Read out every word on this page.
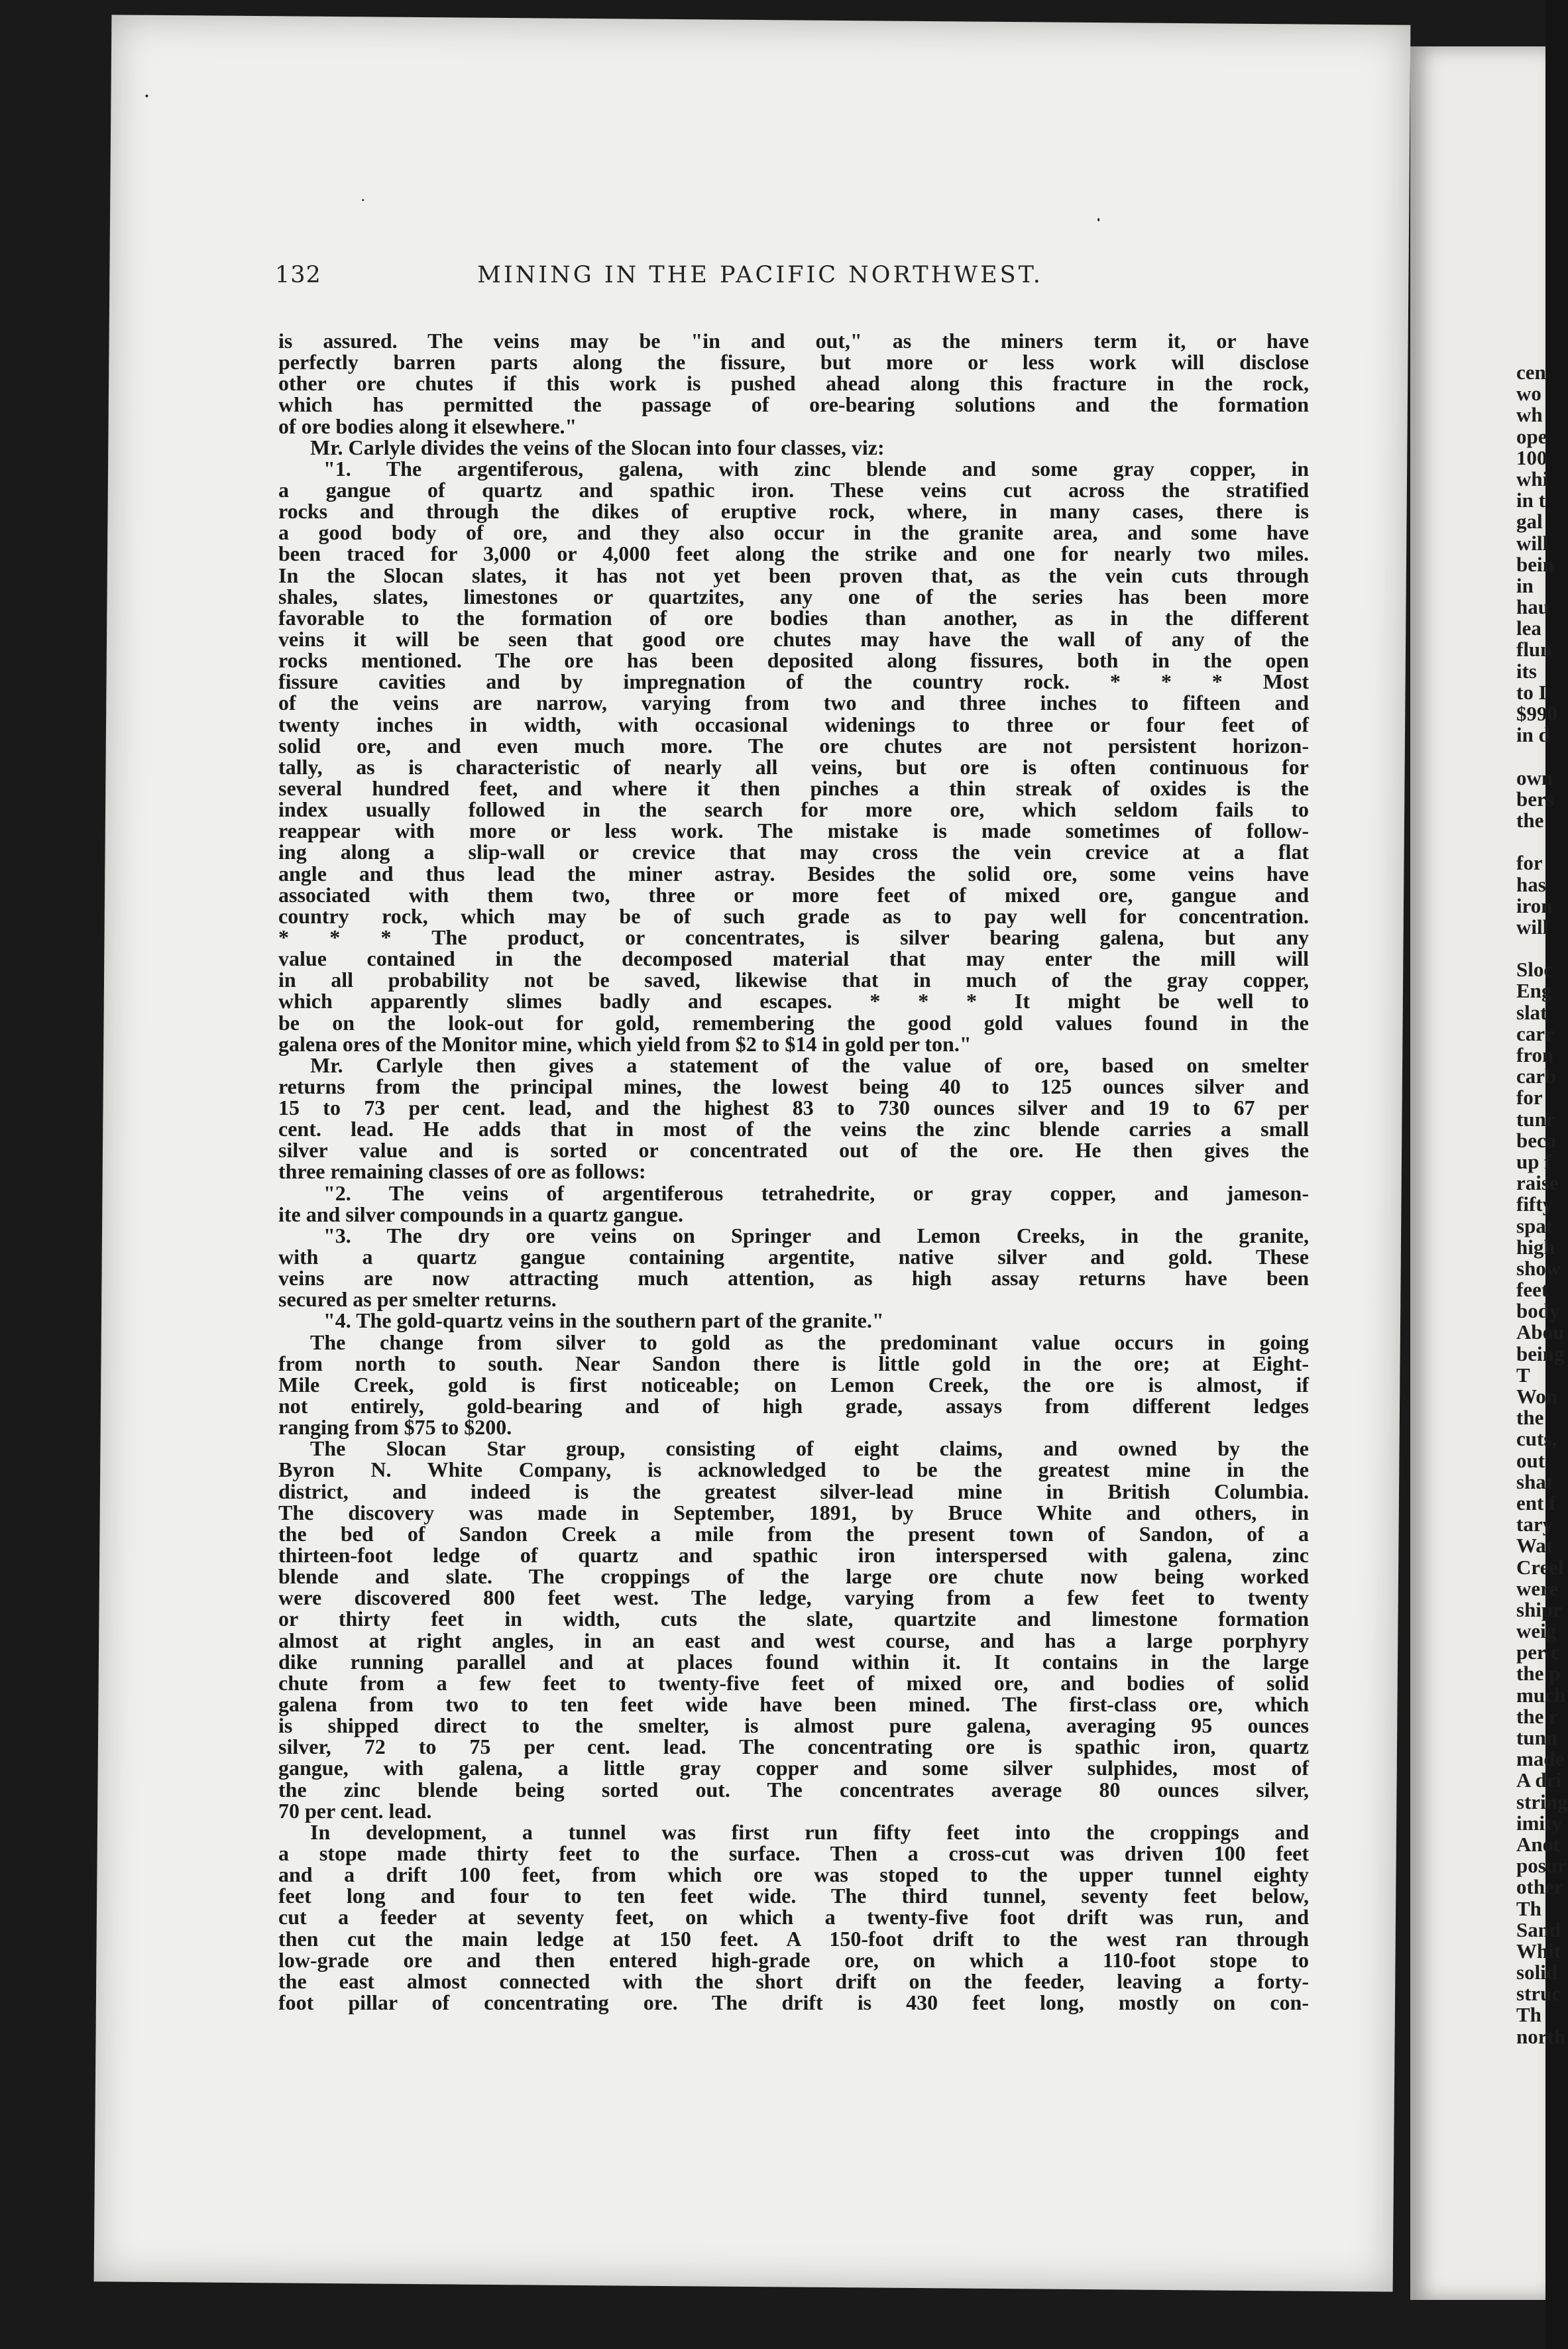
cen
wo
wh
ope
100
whi
in t
gal
will
bein
in
hau
lea
flun
its
to I
$990
in d
own
bers
the
for
has
iron
will
Sloc
Eng
slat
carr
fron
carb
for
tunr
beca
up f
raise
fifty
spat
high
show
feet
body
Abou
being
T
Won
the
cuts,
out
shat
ent f
tary
Wat
Creel
were
shipr
weig
per c
the p
much
the r
tunn
made
A dri
string
imity
Anot
posur
other
Th
Sand
Whit
solid
struc
Th
north
132	MINING IN THE PACIFIC NORTHWEST.
is assured. The veins may be "in and out," as the miners term it, or have
perfectly barren parts along the fissure, but more or less work will disclose
other ore chutes if this work is pushed ahead along this fracture in the rock,
which has permitted the passage of ore-bearing solutions and the formation
of ore bodies along it elsewhere."
Mr. Carlyle divides the veins of the Slocan into four classes, viz:
"1. The argentiferous, galena, with zinc blende and some gray copper, in
a gangue of quartz and spathic iron. These veins cut across the stratified
rocks and through the dikes of eruptive rock, where, in many cases, there is
a good body of ore, and they also occur in the granite area, and some have
been traced for 3,000 or 4,000 feet along the strike and one for nearly two miles.
In the Slocan slates, it has not yet been proven that, as the vein cuts through
shales, slates, limestones or quartzites, any one of the series has been more
favorable to the formation of ore bodies than another, as in the different
veins it will be seen that good ore chutes may have the wall of any of the
rocks mentioned. The ore has been deposited along fissures, both in the open
fissure cavities and by impregnation of the country rock. * * * Most
of the veins are narrow, varying from two and three inches to fifteen and
twenty inches in width, with occasional widenings to three or four feet of
solid ore, and even much more. The ore chutes are not persistent horizon-
tally, as is characteristic of nearly all veins, but ore is often continuous for
several hundred feet, and where it then pinches a thin streak of oxides is the
index usually followed in the search for more ore, which seldom fails to
reappear with more or less work. The mistake is made sometimes of follow-
ing along a slip-wall or crevice that may cross the vein crevice at a flat
angle and thus lead the miner astray. Besides the solid ore, some veins have
associated with them two, three or more feet of mixed ore, gangue and
country rock, which may be of such grade as to pay well for concentration.
* * * The product, or concentrates, is silver bearing galena, but any
value contained in the decomposed material that may enter the mill will
in all probability not be saved, likewise that in much of the gray copper,
which apparently slimes badly and escapes. * * * It might be well to
be on the look-out for gold, remembering the good gold values found in the
galena ores of the Monitor mine, which yield from $2 to $14 in gold per ton."
Mr. Carlyle then gives a statement of the value of ore, based on smelter
returns from the principal mines, the lowest being 40 to 125 ounces silver and
15 to 73 per cent. lead, and the highest 83 to 730 ounces silver and 19 to 67 per
cent. lead. He adds that in most of the veins the zinc blende carries a small
silver value and is sorted or concentrated out of the ore. He then gives the
three remaining classes of ore as follows:
"2. The veins of argentiferous tetrahedrite, or gray copper, and jameson-
ite and silver compounds in a quartz gangue.
"3. The dry ore veins on Springer and Lemon Creeks, in the granite,
with a quartz gangue containing argentite, native silver and gold. These
veins are now attracting much attention, as high assay returns have been
secured as per smelter returns.
"4. The gold-quartz veins in the southern part of the granite."
The change from silver to gold as the predominant value occurs in going
from north to south. Near Sandon there is little gold in the ore; at Eight-
Mile Creek, gold is first noticeable; on Lemon Creek, the ore is almost, if
not entirely, gold-bearing and of high grade, assays from different ledges
ranging from $75 to $200.
The Slocan Star group, consisting of eight claims, and owned by the
Byron N. White Company, is acknowledged to be the greatest mine in the
district, and indeed is the greatest silver-lead mine in British Columbia.
The discovery was made in September, 1891, by Bruce White and others, in
the bed of Sandon Creek a mile from the present town of Sandon, of a
thirteen-foot ledge of quartz and spathic iron interspersed with galena, zinc
blende and slate. The croppings of the large ore chute now being worked
were discovered 800 feet west. The ledge, varying from a few feet to twenty
or thirty feet in width, cuts the slate, quartzite and limestone formation
almost at right angles, in an east and west course, and has a large porphyry
dike running parallel and at places found within it. It contains in the large
chute from a few feet to twenty-five feet of mixed ore, and bodies of solid
galena from two to ten feet wide have been mined. The first-class ore, which
is shipped direct to the smelter, is almost pure galena, averaging 95 ounces
silver, 72 to 75 per cent. lead. The concentrating ore is spathic iron, quartz
gangue, with galena, a little gray copper and some silver sulphides, most of
the zinc blende being sorted out. The concentrates average 80 ounces silver,
70 per cent. lead.
In development, a tunnel was first run fifty feet into the croppings and
a stope made thirty feet to the surface. Then a cross-cut was driven 100 feet
and a drift 100 feet, from which ore was stoped to the upper tunnel eighty
feet long and four to ten feet wide. The third tunnel, seventy feet below,
cut a feeder at seventy feet, on which a twenty-five foot drift was run, and
then cut the main ledge at 150 feet. A 150-foot drift to the west ran through
low-grade ore and then entered high-grade ore, on which a 110-foot stope to
the east almost connected with the short drift on the feeder, leaving a forty-
foot pillar of concentrating ore. The drift is 430 feet long, mostly on con-
